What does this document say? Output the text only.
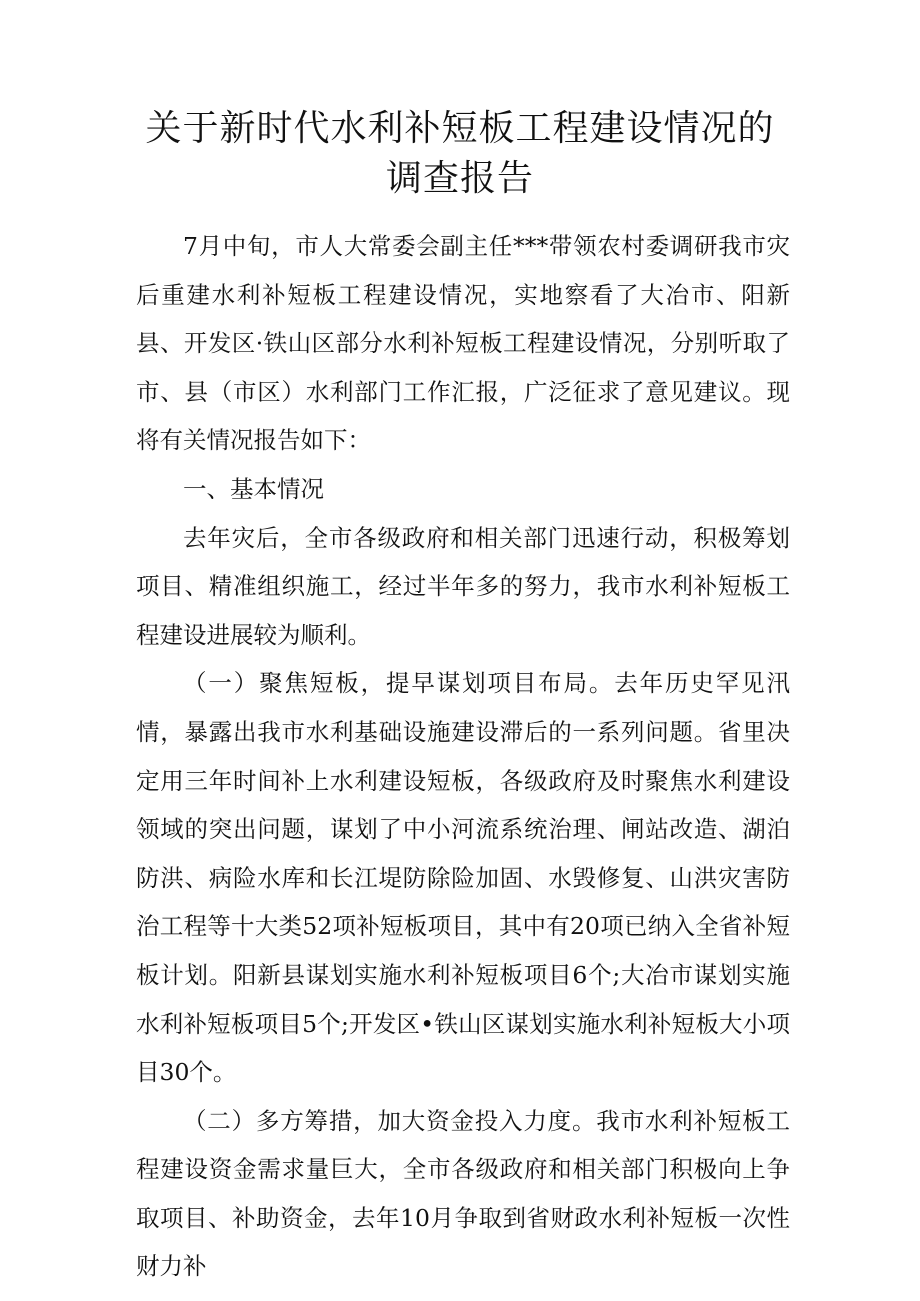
关于新时代水利补短板工程建设情况的调查报告

7月中旬，市人大常委会副主任***带领农村委调研我市灾后重建水利补短板工程建设情况，实地察看了大冶市、阳新县、开发区·铁山区部分水利补短板工程建设情况，分别听取了市、县（市区）水利部门工作汇报，广泛征求了意见建议。现将有关情况报告如下：

一、基本情况

去年灾后，全市各级政府和相关部门迅速行动，积极筹划项目、精准组织施工，经过半年多的努力，我市水利补短板工程建设进展较为顺利。

（一）聚焦短板，提早谋划项目布局。去年历史罕见汛情，暴露出我市水利基础设施建设滞后的一系列问题。省里决定用三年时间补上水利建设短板，各级政府及时聚焦水利建设领域的突出问题，谋划了中小河流系统治理、闸站改造、湖泊防洪、病险水库和长江堤防除险加固、水毁修复、山洪灾害防治工程等十大类52项补短板项目，其中有20项已纳入全省补短板计划。阳新县谋划实施水利补短板项目6个;大冶市谋划实施水利补短板项目5个;开发区•铁山区谋划实施水利补短板大小项目30个。

（二）多方筹措，加大资金投入力度。我市水利补短板工程建设资金需求量巨大，全市各级政府和相关部门积极向上争取项目、补助资金，去年10月争取到省财政水利补短板一次性财力补
